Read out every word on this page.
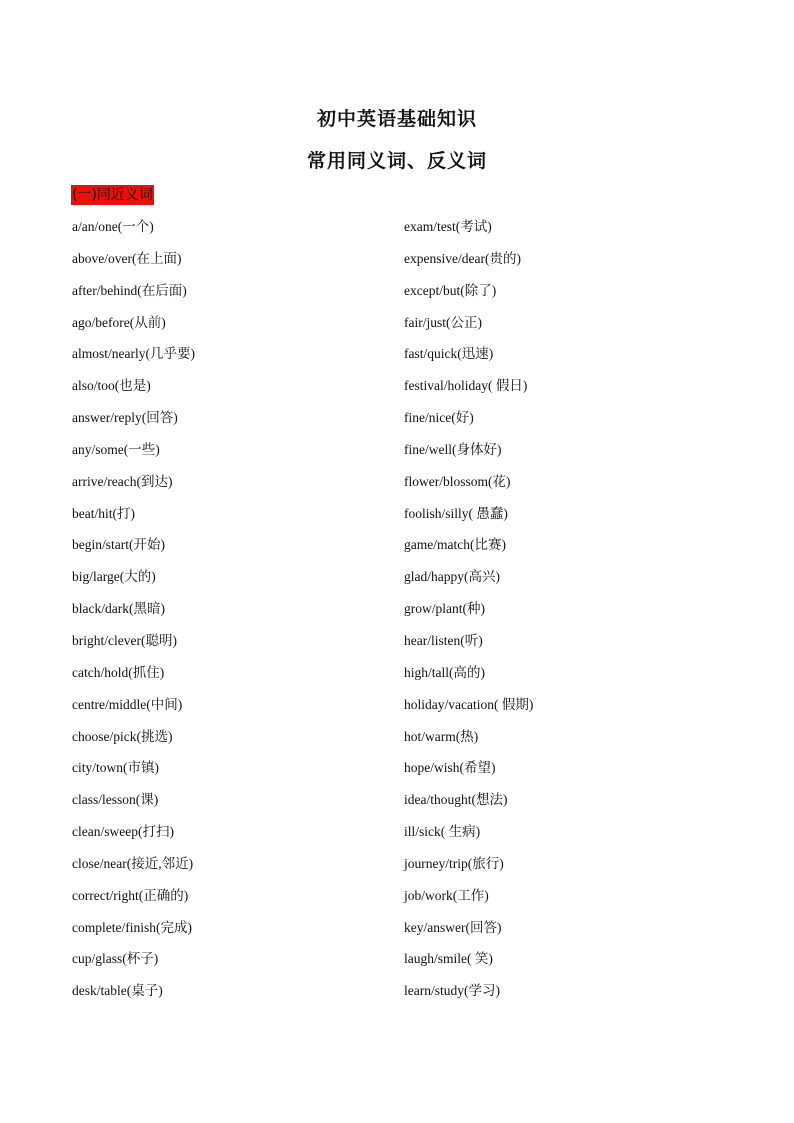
初中英语基础知识
常用同义词、反义词
(一)同近义词
a/an/one(一个)
above/over(在上面)
after/behind(在后面)
ago/before(从前)
almost/nearly(几乎要)
also/too(也是)
answer/reply(回答)
any/some(一些)
arrive/reach(到达)
beat/hit(打)
begin/start(开始)
big/large(大的)
black/dark(黑暗)
bright/clever(聪明)
catch/hold(抓住)
centre/middle(中间)
choose/pick(挑选)
city/town(市镇)
class/lesson(课)
clean/sweep(打扫)
close/near(接近,邻近)
correct/right(正确的)
complete/finish(完成)
cup/glass(杯子)
desk/table(桌子)
exam/test(考试)
expensive/dear(贵的)
except/but(除了)
fair/just(公正)
fast/quick(迅速)
festival/holiday( 假日)
fine/nice(好)
fine/well(身体好)
flower/blossom(花)
foolish/silly( 愚蠢)
game/match(比赛)
glad/happy(高兴)
grow/plant(种)
hear/listen(听)
high/tall(高的)
holiday/vacation( 假期)
hot/warm(热)
hope/wish(希望)
idea/thought(想法)
ill/sick( 生病)
journey/trip(旅行)
job/work(工作)
key/answer(回答)
laugh/smile( 笑)
learn/study(学习)
